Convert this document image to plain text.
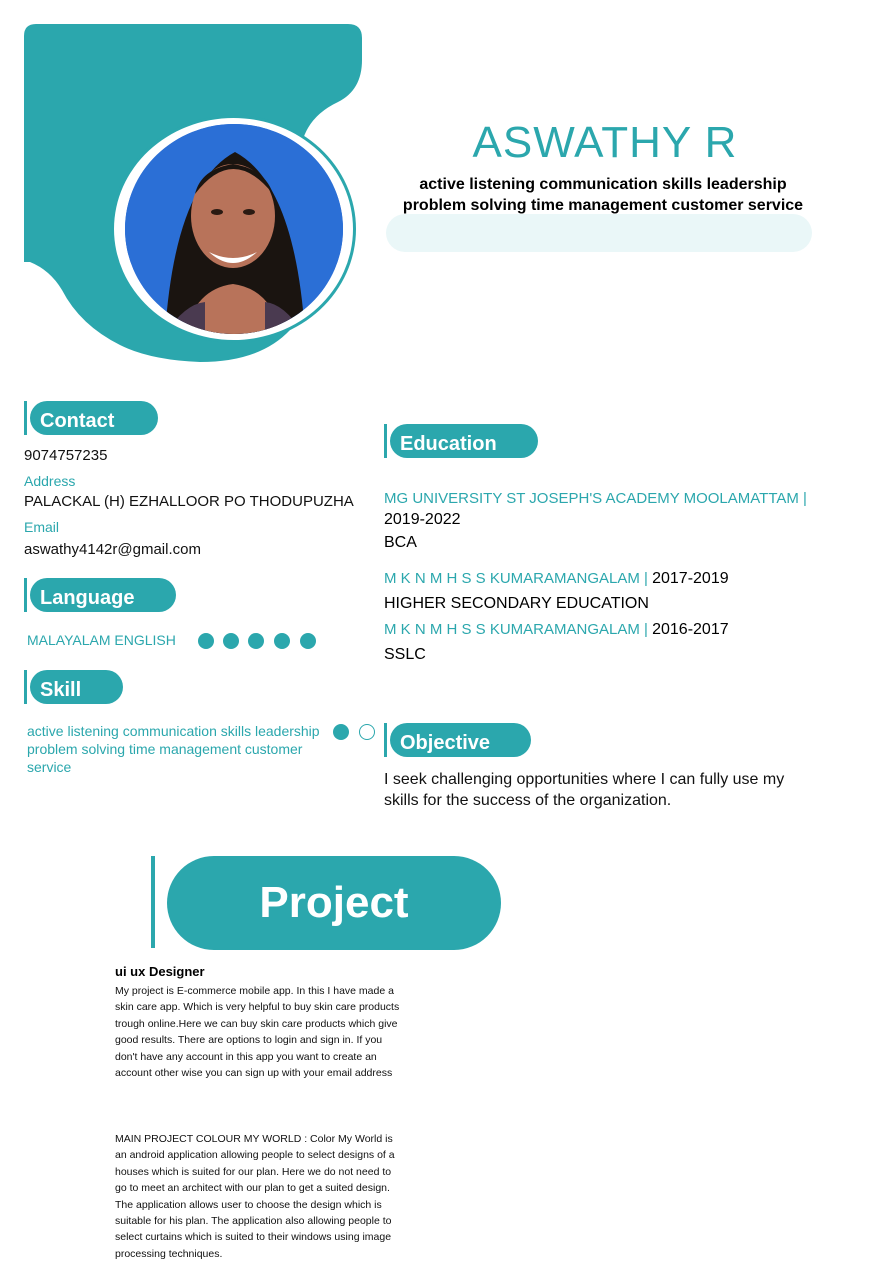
ASWATHY R
active listening communication skills leadership problem solving time management customer service
Contact
9074757235
Address
PALACKAL (H) EZHALLOOR PO THODUPUZHA
Email
aswathy4142r@gmail.com
Language
MALAYALAM ENGLISH
Skill
active listening communication skills leadership problem solving time management customer service
Education
MG UNIVERSITY ST JOSEPH'S ACADEMY MOOLAMATTAM | 2019-2022
BCA
M K N M H S S KUMARAMANGALAM | 2017-2019
HIGHER SECONDARY EDUCATION
M K N M H S S KUMARAMANGALAM | 2016-2017
SSLC
Objective
I seek challenging opportunities where I can fully use my skills for the success of the organization.
Project
ui ux Designer
My project is E-commerce mobile app. In this I have made a skin care app. Which is very helpful to buy skin care products trough online.Here we can buy skin care products which give good results. There are options to login and sign in. If you don't have any account in this app you want to create an account other wise you can sign up with your email address
MAIN PROJECT COLOUR MY WORLD : Color My World is an android application allowing people to select designs of a houses which is suited for our plan. Here we do not need to go to meet an architect with our plan to get a suited design. The application allows user to choose the design which is suitable for his plan. The application also allowing people to select curtains which is suited to their windows using image processing techniques.
